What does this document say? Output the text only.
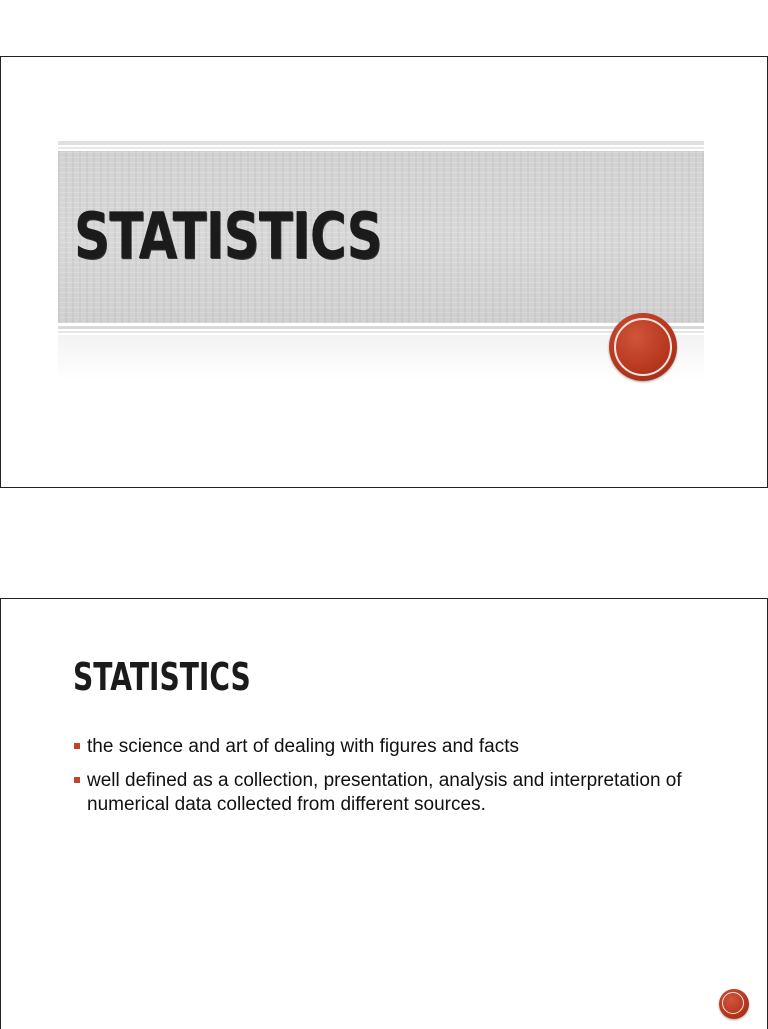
STATISTICS
STATISTICS
the science and art of dealing with figures and facts
well defined as a collection, presentation, analysis and interpretation of numerical data collected from different sources.
